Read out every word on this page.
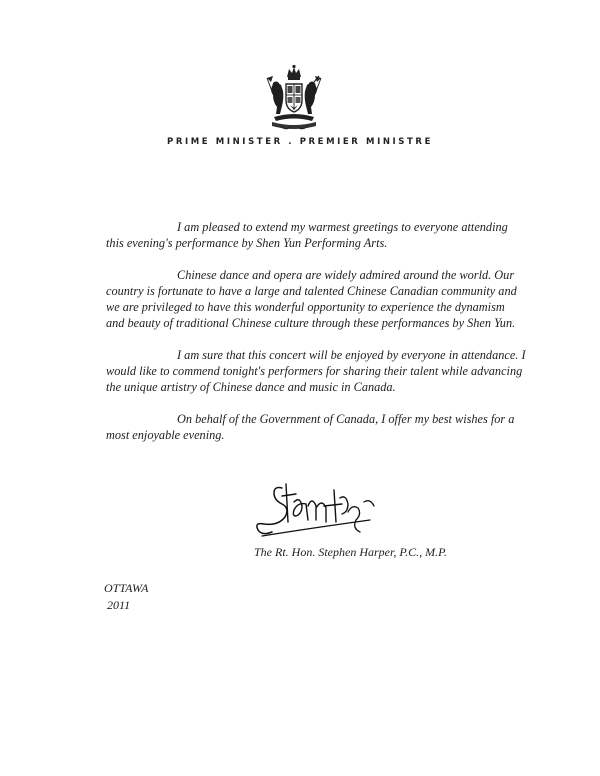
PRIME MINISTER . PREMIER MINISTRE

I am pleased to extend my warmest greetings to everyone attending this evening's performance by Shen Yun Performing Arts.

Chinese dance and opera are widely admired around the world. Our country is fortunate to have a large and talented Chinese Canadian community and we are privileged to have this wonderful opportunity to experience the dynamism and beauty of traditional Chinese culture through these performances by Shen Yun.

I am sure that this concert will be enjoyed by everyone in attendance. I would like to commend tonight's performers for sharing their talent while advancing the unique artistry of Chinese dance and music in Canada.

On behalf of the Government of Canada, I offer my best wishes for a most enjoyable evening.

The Rt. Hon. Stephen Harper, P.C., M.P.
OTTAWA
2011
